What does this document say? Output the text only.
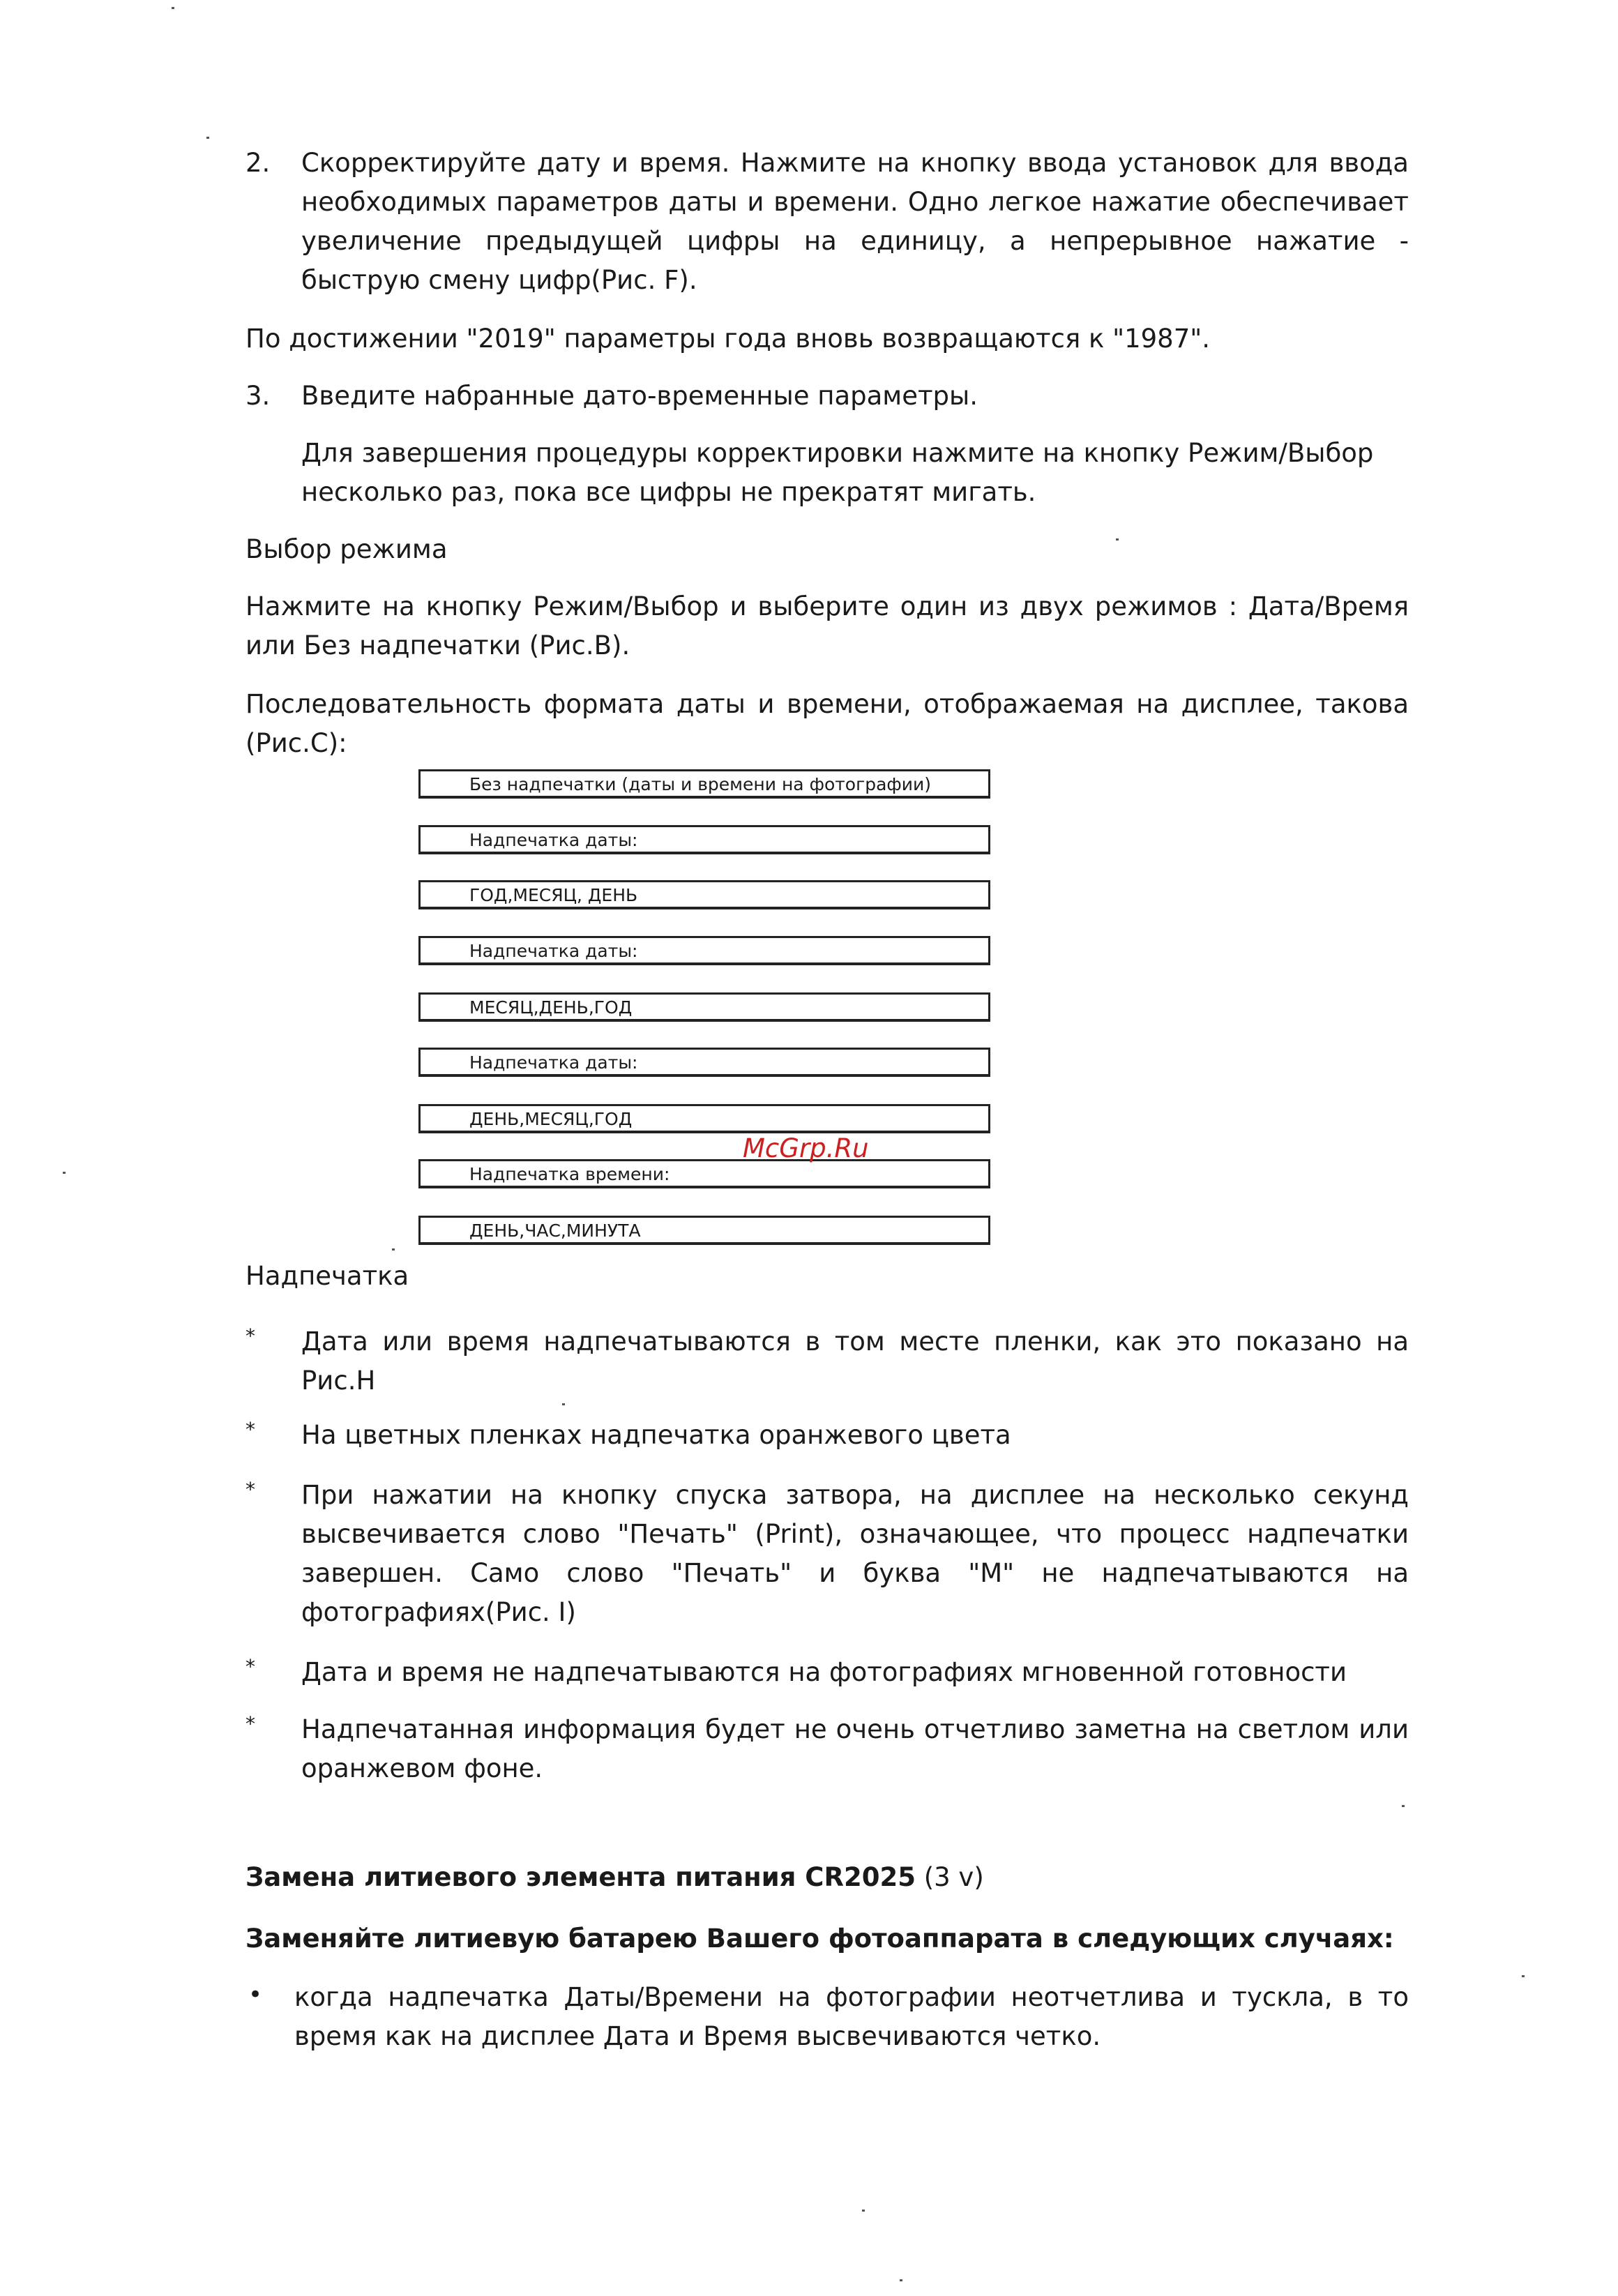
2. Скорректируйте дату и время. Нажмите на кнопку ввода установок для ввода необходимых параметров даты и времени. Одно легкое нажатие обеспечивает увеличение предыдущей цифры на единицу, а непрерывное нажатие - быструю смену цифр(Рис. F).

По достижении "2019" параметры года вновь возвращаются к "1987".

3. Введите набранные дато-временные параметры.

Для завершения процедуры корректировки нажмите на кнопку Режим/Выбор несколько раз, пока все цифры не прекратят мигать.

Выбор режима

Нажмите на кнопку Режим/Выбор и выберите один из двух режимов : Дата/Время или Без надпечатки (Рис.B).

Последовательность формата даты и времени, отображаемая на дисплее, такова (Рис.С):

Без надпечатки (даты и времени на фотографии)
Надпечатка даты:
ГОД,МЕСЯЦ, ДЕНЬ
Надпечатка даты:
МЕСЯЦ,ДЕНЬ,ГОД
Надпечатка даты:
ДЕНЬ,МЕСЯЦ,ГОД
Надпечатка времени:
ДЕНЬ,ЧАС,МИНУТА
McGrp.Ru
Надпечатка
* Дата или время надпечатываются в том месте пленки, как это показано на Рис.H

* На цветных пленках надпечатка оранжевого цвета

* При нажатии на кнопку спуска затвора, на дисплее на несколько секунд высвечивается слово "Печать" (Print), означающее, что процесс надпечатки завершен. Само слово "Печать" и буква "М" не надпечатываются на фотографиях(Рис. I)

* Дата и время не надпечатываются на фотографиях мгновенной готовности

* Надпечатанная информация будет не очень отчетливо заметна на светлом или оранжевом фоне.

Замена литиевого элемента питания CR2025 (3 v)

Заменяйте литиевую батарею Вашего фотоаппарата в следующих случаях:

• когда надпечатка Даты/Времени на фотографии неотчетлива и тускла, в то время как на дисплее Дата и Время высвечиваются четко.
